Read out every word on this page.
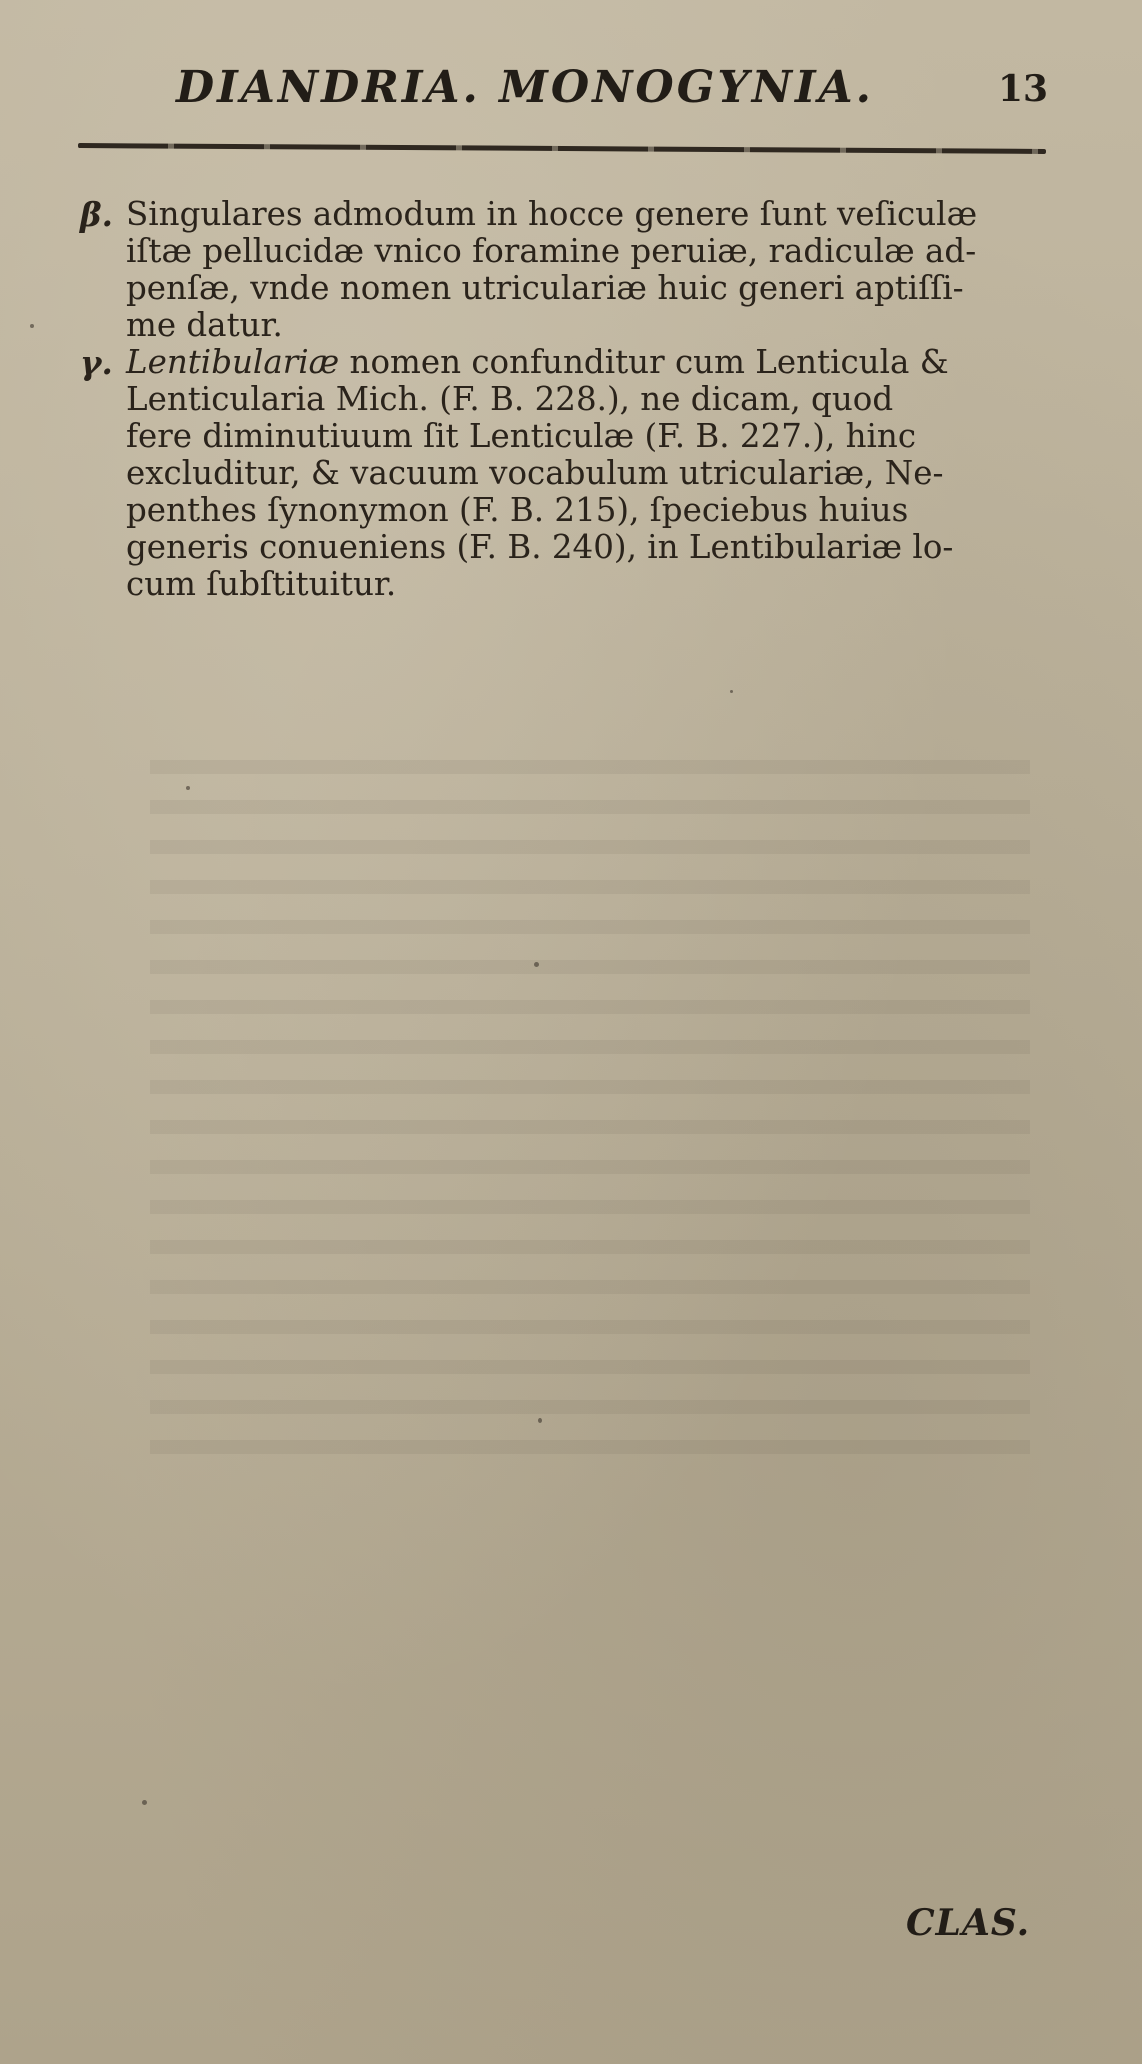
DIANDRIA. MONOGYNIA.	13

β. Singulares admodum in hocce genere ſunt veſiculæ
iſtæ pellucidæ vnico foramine peruiæ, radiculæ ad-
penſæ, vnde nomen utriculariæ huic generi aptiſſi-
me datur.

γ. Lentibulariæ nomen confunditur cum Lenticula &
Lenticularia Mich. (F. B. 228.), ne dicam, quod
fere diminutiuum ſit Lenticulæ (F. B. 227.), hinc
excluditur, & vacuum vocabulum utriculariæ, Ne-
penthes ſynonymon (F. B. 215), ſpeciebus huius
generis conueniens (F. B. 240), in Lentibulariæ lo-
cum ſubſtituitur.

CLAS.
